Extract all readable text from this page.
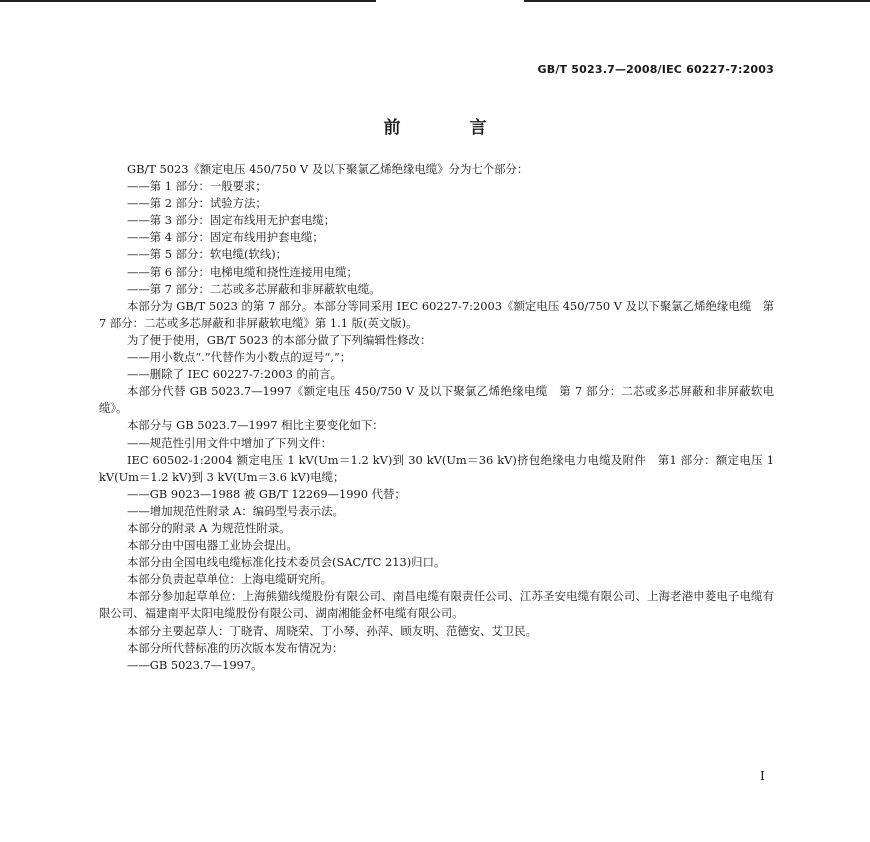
GB/T 5023.7—2008/IEC 60227-7:2003
前　言
GB/T 5023《额定电压 450/750 V 及以下聚氯乙烯绝缘电缆》分为七个部分：
——第 1 部分：一般要求；
——第 2 部分：试验方法；
——第 3 部分：固定布线用无护套电缆；
——第 4 部分：固定布线用护套电缆；
——第 5 部分：软电缆(软线)；
——第 6 部分：电梯电缆和挠性连接用电缆；
——第 7 部分：二芯或多芯屏蔽和非屏蔽软电缆。
本部分为 GB/T 5023 的第 7 部分。本部分等同采用 IEC 60227-7:2003《额定电压 450/750 V 及以下聚氯乙烯绝缘电缆　第 7 部分：二芯或多芯屏蔽和非屏蔽软电缆》第 1.1 版(英文版)。
为了便于使用，GB/T 5023 的本部分做了下列编辑性修改：
——用小数点“.”代替作为小数点的逗号“,”；
——删除了 IEC 60227-7:2003 的前言。
本部分代替 GB 5023.7—1997《额定电压 450/750 V 及以下聚氯乙烯绝缘电缆　第 7 部分：二芯或多芯屏蔽和非屏蔽软电缆》。
本部分与 GB 5023.7—1997 相比主要变化如下：
——规范性引用文件中增加了下列文件：
IEC 60502-1:2004 额定电压 1 kV(Um＝1.2 kV)到 30 kV(Um＝36 kV)挤包绝缘电力电缆及附件　第1 部分：额定电压 1 kV(Um＝1.2 kV)到 3 kV(Um＝3.6 kV)电缆；
——GB 9023—1988 被 GB/T 12269—1990 代替；
——增加规范性附录 A：编码型号表示法。
本部分的附录 A 为规范性附录。
本部分由中国电器工业协会提出。
本部分由全国电线电缆标准化技术委员会(SAC/TC 213)归口。
本部分负责起草单位：上海电缆研究所。
本部分参加起草单位：上海熊猫线缆股份有限公司、南昌电缆有限责任公司、江苏圣安电缆有限公司、上海老港申菱电子电缆有限公司、福建南平太阳电缆股份有限公司、湖南湘能金杯电缆有限公司。
本部分主要起草人：丁晓青、周晓荣、丁小琴、孙萍、顾友明、范德安、艾卫民。
本部分所代替标准的历次版本发布情况为：
——GB 5023.7—1997。
I
